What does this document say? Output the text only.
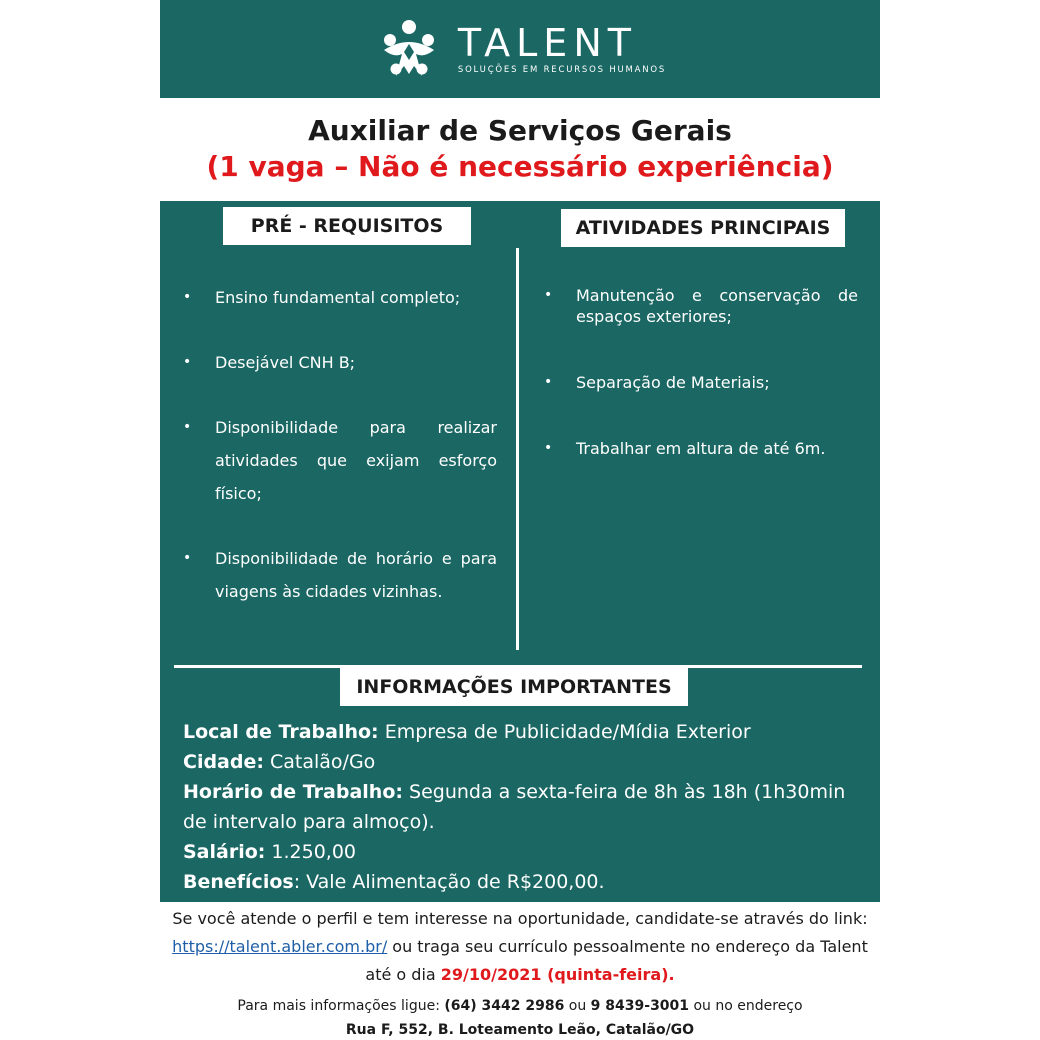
TALENT
SOLUÇÕES EM RECURSOS HUMANOS
Auxiliar de Serviços Gerais
(1 vaga – Não é necessário experiência)
PRÉ - REQUISITOS	ATIVIDADES PRINCIPAIS
• Ensino fundamental completo;
• Desejável CNH B;
• Disponibilidade para realizar atividades que exijam esforço físico;
• Disponibilidade de horário e para viagens às cidades vizinhas.
• Manutenção e conservação de espaços exteriores;
• Separação de Materiais;
• Trabalhar em altura de até 6m.
INFORMAÇÕES IMPORTANTES
Local de Trabalho: Empresa de Publicidade/Mídia Exterior
Cidade: Catalão/Go
Horário de Trabalho: Segunda a sexta-feira de 8h às 18h (1h30min de intervalo para almoço).
Salário: 1.250,00
Benefícios: Vale Alimentação de R$200,00.
Se você atende o perfil e tem interesse na oportunidade, candidate-se através do link: https://talent.abler.com.br/ ou traga seu currículo pessoalmente no endereço da Talent até o dia 29/10/2021 (quinta-feira).
Para mais informações ligue: (64) 3442 2986 ou 9 8439-3001 ou no endereço
Rua F, 552, B. Loteamento Leão, Catalão/GO
